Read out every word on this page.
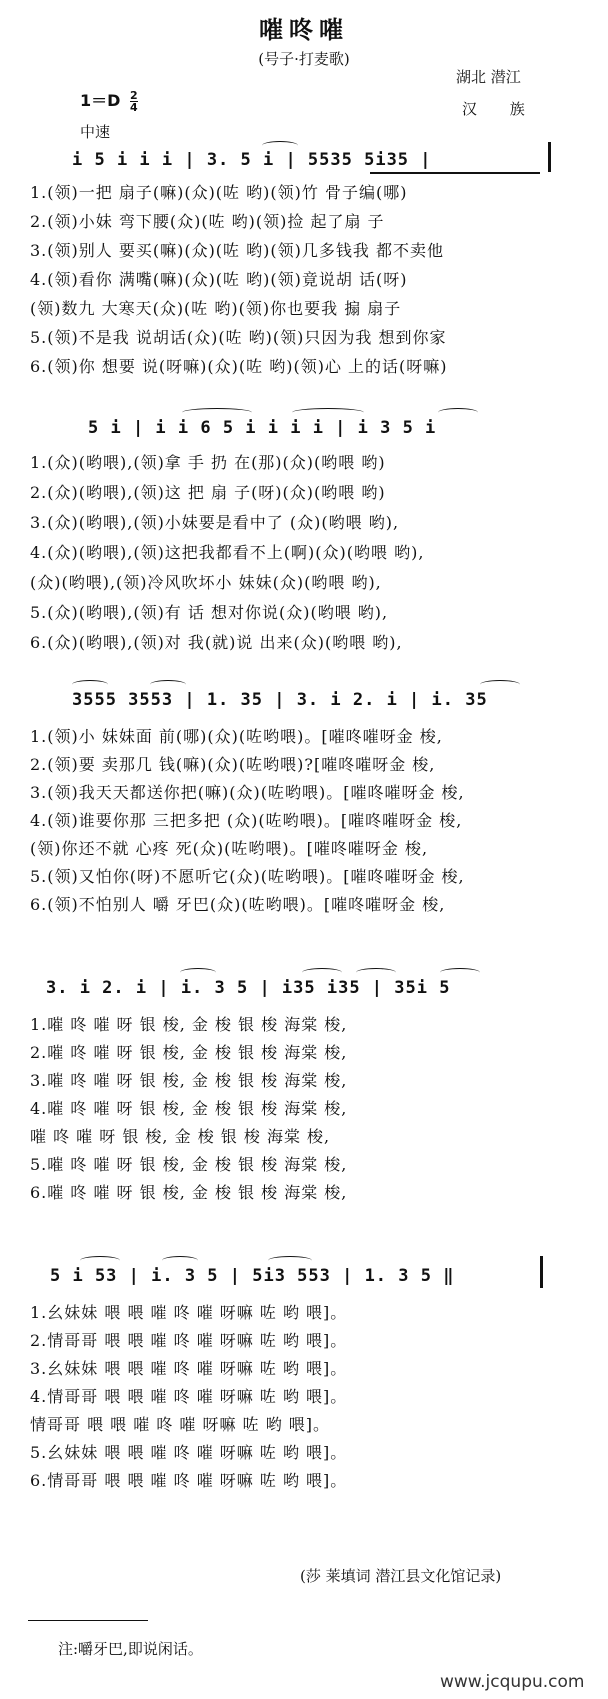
嗺咚嗺
(号子·打麦歌)
湖北 潜江
汉 族
$1=D \frac{2}{4}$
中速
i 5 i i i | 3. 5 i | 5535 5i35 |
1.(领)一把 扇子(嘛)(众)(咗 哟)(领)竹 骨子编(哪)
2.(领)小妹 弯下腰(众)(咗 哟)(领)捡 起了扇 子
3.(领)别人 要买(嘛)(众)(咗 哟)(领)几多钱我 都不卖他
4.(领)看你 满嘴(嘛)(众)(咗 哟)(领)竟说胡 话(呀)
(领)数九 大寒天(众)(咗 哟)(领)你也要我 搧 扇子
5.(领)不是我 说胡话(众)(咗 哟)(领)只因为我 想到你家
6.(领)你 想要 说(呀嘛)(众)(咗 哟)(领)心 上的话(呀嘛)
5 i | i i 6 5 i i i i | i 3 5 i
1.(众)(哟喂),(领)拿 手 扔 在(那)(众)(哟喂 哟)
2.(众)(哟喂),(领)这 把 扇 子(呀)(众)(哟喂 哟)
3.(众)(哟喂),(领)小妹要是看中了 (众)(哟喂 哟),
4.(众)(哟喂),(领)这把我都看不上(啊)(众)(哟喂 哟),
(众)(哟喂),(领)冷风吹坏小 妹妹(众)(哟喂 哟),
5.(众)(哟喂),(领)有 话 想对你说(众)(哟喂 哟),
6.(众)(哟喂),(领)对 我(就)说 出来(众)(哟喂 哟),
3555 3553 | 1. 35 | 3. i 2. i | i. 35
1.(领)小 妹妹面 前(哪)(众)(咗哟喂)。[嗺咚嗺呀金 梭,
2.(领)要 卖那几 钱(嘛)(众)(咗哟喂)?[嗺咚嗺呀金 梭,
3.(领)我天天都送你把(嘛)(众)(咗哟喂)。[嗺咚嗺呀金 梭,
4.(领)谁要你那 三把多把 (众)(咗哟喂)。[嗺咚嗺呀金 梭,
(领)你还不就 心疼 死(众)(咗哟喂)。[嗺咚嗺呀金 梭,
5.(领)又怕你(呀)不愿听它(众)(咗哟喂)。[嗺咚嗺呀金 梭,
6.(领)不怕别人 嚼 牙巴(众)(咗哟喂)。[嗺咚嗺呀金 梭,
3. i 2. i | i. 3 5 | i35 i35 | 35i 5
1.嗺 咚 嗺 呀 银 梭, 金 梭 银 梭 海棠 梭,
2.嗺 咚 嗺 呀 银 梭, 金 梭 银 梭 海棠 梭,
3.嗺 咚 嗺 呀 银 梭, 金 梭 银 梭 海棠 梭,
4.嗺 咚 嗺 呀 银 梭, 金 梭 银 梭 海棠 梭,
嗺 咚 嗺 呀 银 梭, 金 梭 银 梭 海棠 梭,
5.嗺 咚 嗺 呀 银 梭, 金 梭 银 梭 海棠 梭,
6.嗺 咚 嗺 呀 银 梭, 金 梭 银 梭 海棠 梭,
5 i 53 | i. 3 5 | 5i3 553 | 1. 3 5 ‖
1.幺妹妹 喂 喂 嗺 咚 嗺 呀嘛 咗 哟 喂]。
2.情哥哥 喂 喂 嗺 咚 嗺 呀嘛 咗 哟 喂]。
3.幺妹妹 喂 喂 嗺 咚 嗺 呀嘛 咗 哟 喂]。
4.情哥哥 喂 喂 嗺 咚 嗺 呀嘛 咗 哟 喂]。
情哥哥 喂 喂 嗺 咚 嗺 呀嘛 咗 哟 喂]。
5.幺妹妹 喂 喂 嗺 咚 嗺 呀嘛 咗 哟 喂]。
6.情哥哥 喂 喂 嗺 咚 嗺 呀嘛 咗 哟 喂]。
(莎 莱填词 潜江县文化馆记录)
注:嚼牙巴,即说闲话。
www.jcqupu.com
